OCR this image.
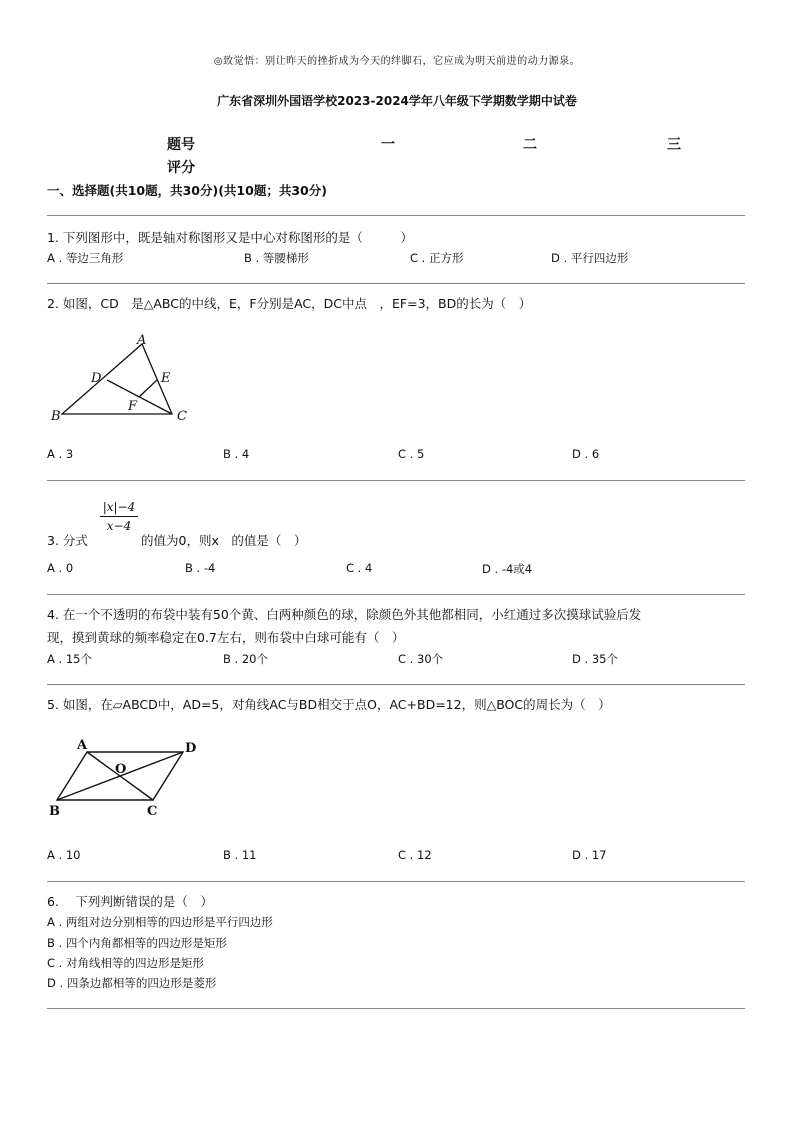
◎致觉悟：别让昨天的挫折成为今天的绊脚石，它应成为明天前进的动力源泉。
广东省深圳外国语学校2023-2024学年八年级下学期数学期中试卷
题号	一	二	三
评分
一、选择题(共10题，共30分)(共10题；共30分)
1. 下列图形中，既是轴对称图形又是中心对称图形的是（　　　）
A . 等边三角形	B . 等腰梯形	C . 正方形	D . 平行四边形
2. 如图，CD　是△ABC的中线，E，F分别是AC，DC中点　，EF=3，BD的长为（　）
A
B	C
D	E
F
A . 3	B . 4	C . 5	D . 6
3. 分式
$\frac{|x|-4}{x-4}$
的值为0，则x　的值是（　）
A . 0	B . -4	C . 4	D . -4或4
4. 在一个不透明的布袋中装有50个黄、白两种颜色的球，除颜色外其他都相同，小红通过多次摸球试验后发
现，摸到黄球的频率稳定在0.7左右，则布袋中白球可能有（　）
A . 15个	B . 20个	C . 30个	D . 35个
5. 如图，在▱ABCD中，AD=5，对角线AC与BD相交于点O，AC+BD=12，则△BOC的周长为（　）
A	D
B	C
O
A . 10	B . 11	C . 12	D . 17
6.　 下列判断错误的是（　）
A . 两组对边分别相等的四边形是平行四边形
B . 四个内角都相等的四边形是矩形
C . 对角线相等的四边形是矩形
D . 四条边都相等的四边形是菱形
